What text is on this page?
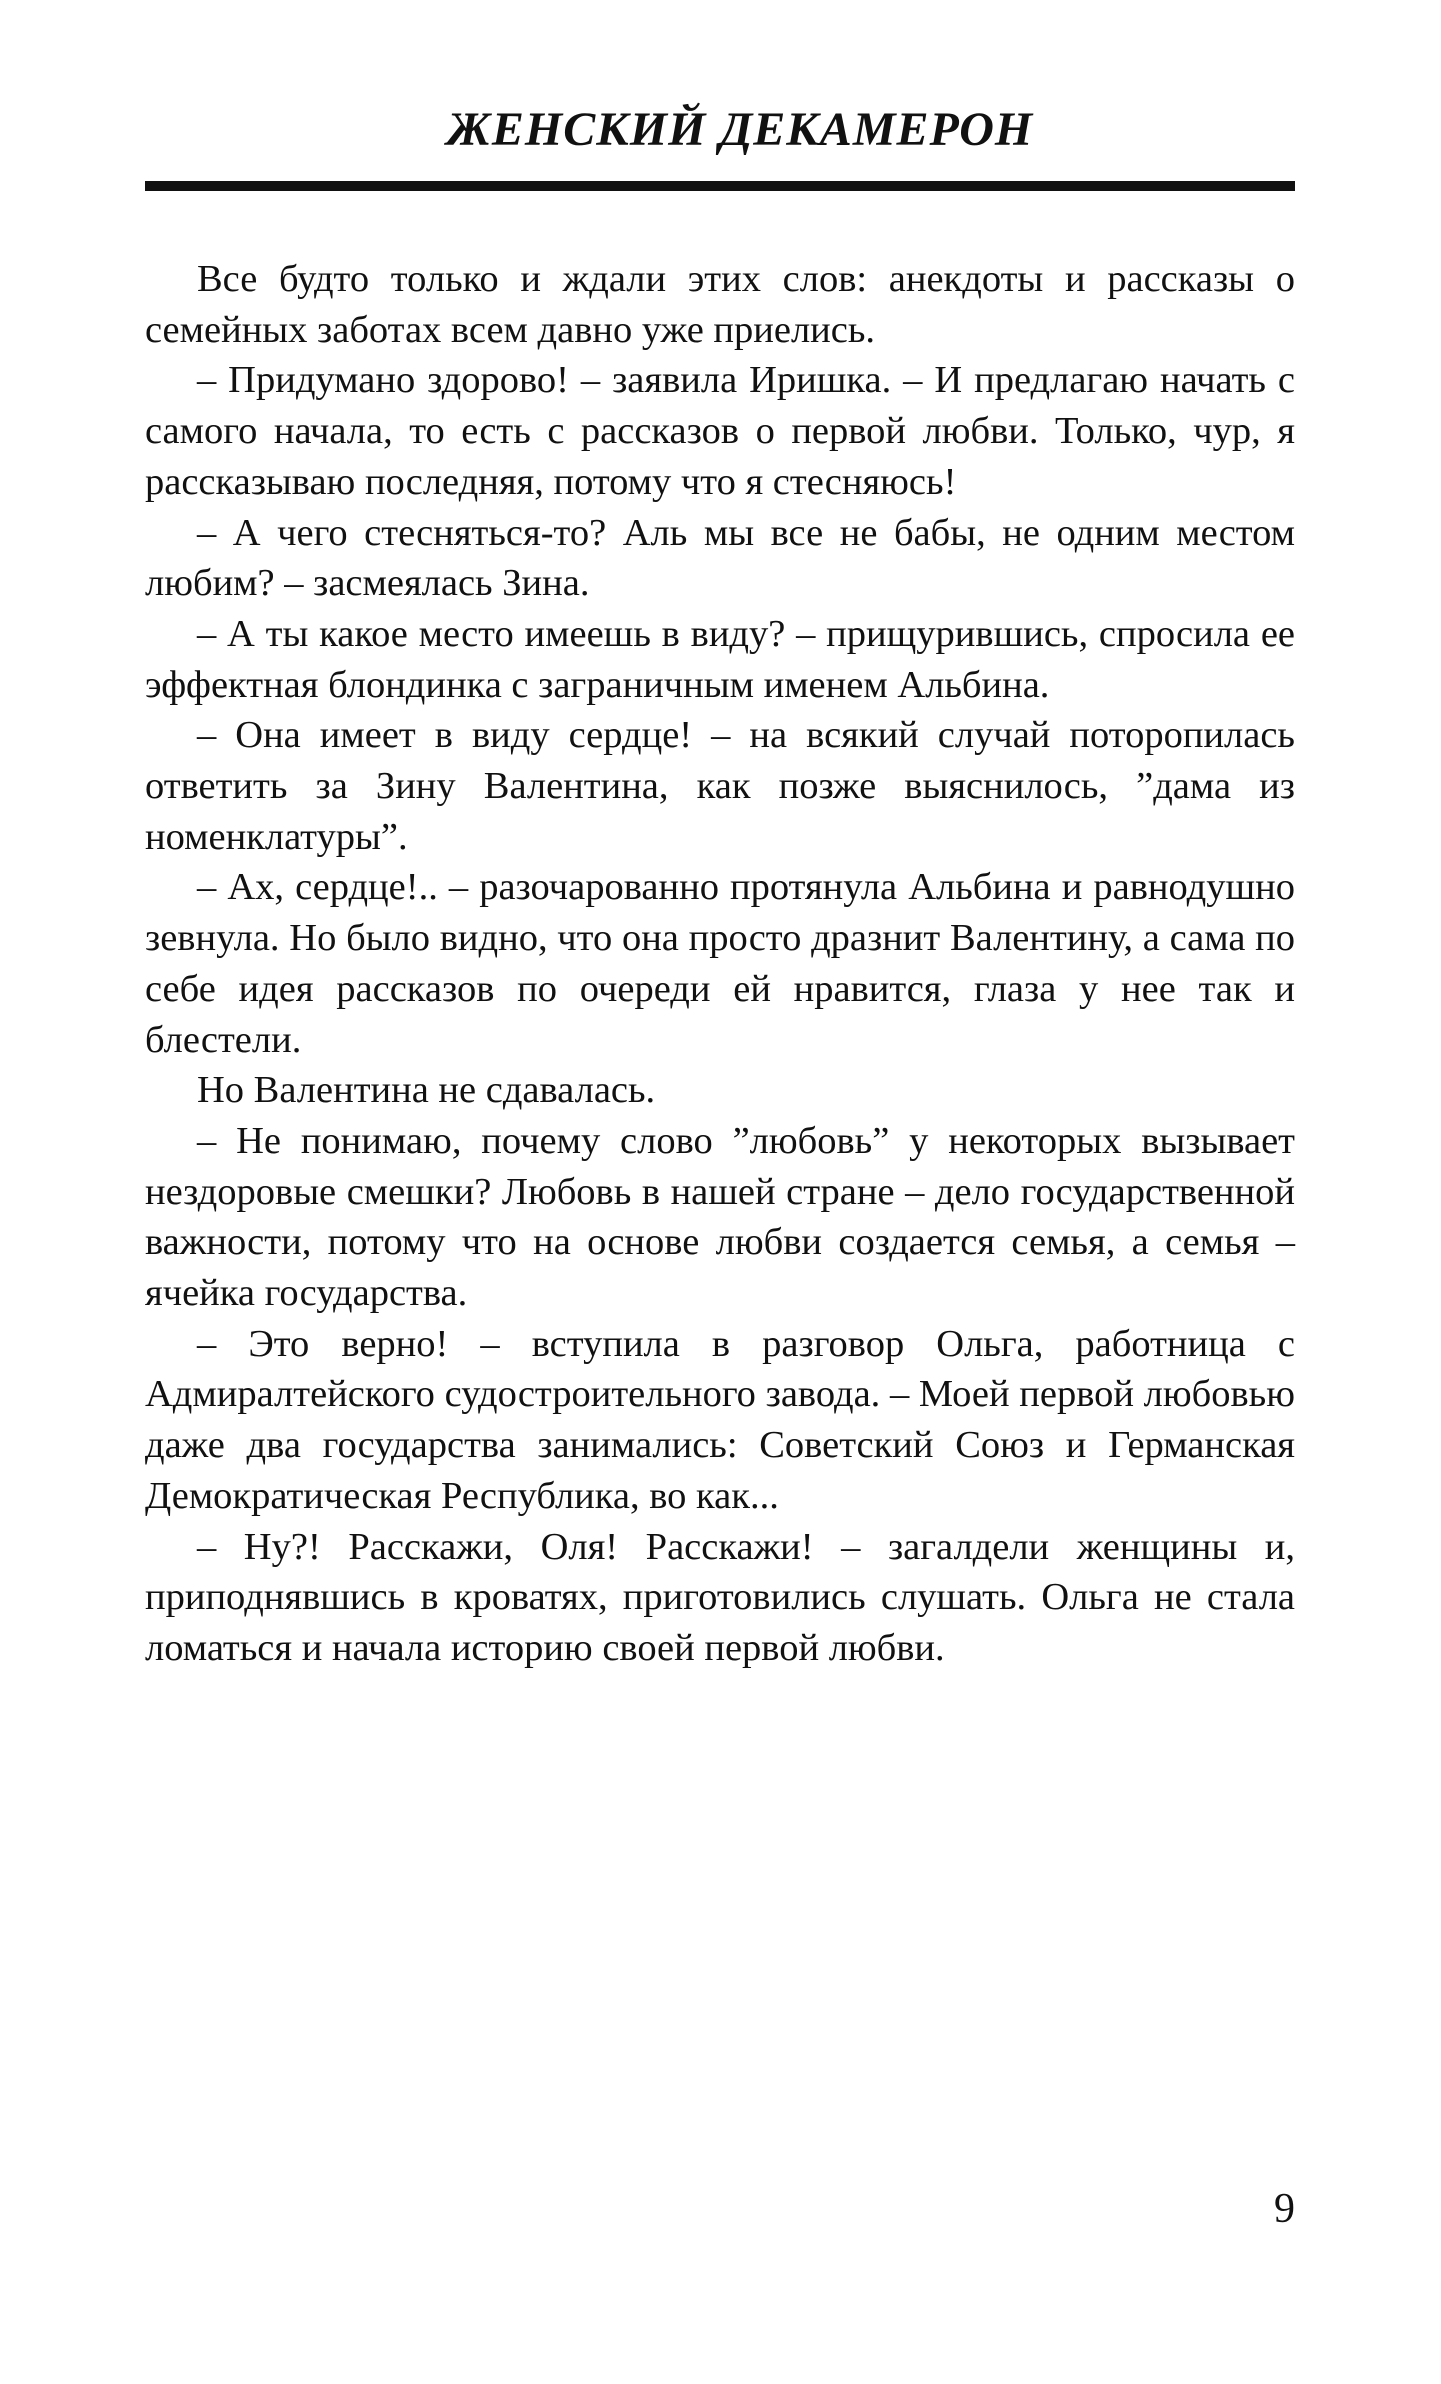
ЖЕНСКИЙ ДЕКАМЕРОН

Все будто только и ждали этих слов: анекдоты и рассказы о семейных заботах всем давно уже приелись.

– Придумано здорово! – заявила Иришка. – И предлагаю начать с самого начала, то есть с рассказов о первой любви. Только, чур, я рассказываю последняя, потому что я стесняюсь!

– А чего стесняться-то? Аль мы все не бабы, не одним местом любим? – засмеялась Зина.

– А ты какое место имеешь в виду? – прищурившись, спросила ее эффектная блондинка с заграничным именем Альбина.

– Она имеет в виду сердце! – на всякий случай поторопилась ответить за Зину Валентина, как позже выяснилось, ”дама из номенклатуры”.

– Ах, сердце!.. – разочарованно протянула Альбина и равнодушно зевнула. Но было видно, что она просто дразнит Валентину, а сама по себе идея рассказов по очереди ей нравится, глаза у нее так и блестели.

Но Валентина не сдавалась.

– Не понимаю, почему слово ”любовь” у некоторых вызывает нездоровые смешки? Любовь в нашей стране – дело государственной важности, потому что на основе любви создается семья, а семья – ячейка государства.

– Это верно! – вступила в разговор Ольга, работница с Адмиралтейского судостроительного завода. – Моей первой любовью даже два государства занимались: Советский Союз и Германская Демократическая Республика, во как...

– Ну?! Расскажи, Оля! Расскажи! – загалдели женщины и, приподнявшись в кроватях, приготовились слушать. Ольга не стала ломаться и начала историю своей первой любви.

9
